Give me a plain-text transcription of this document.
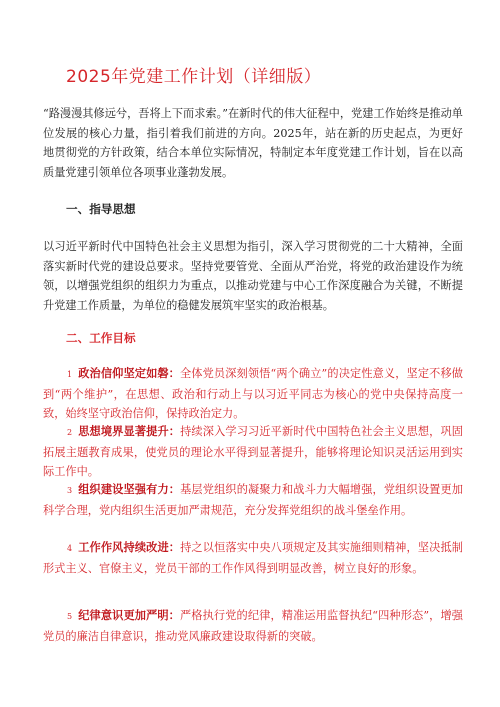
2025年党建工作计划（详细版）

“路漫漫其修远兮，吾将上下而求索。”在新时代的伟大征程中，党建工作始终是推动单位发展的核心力量，指引着我们前进的方向。2025年，站在新的历史起点，为更好地贯彻党的方针政策，结合本单位实际情况，特制定本年度党建工作计划，旨在以高质量党建引领单位各项事业蓬勃发展。

一、指导思想

以习近平新时代中国特色社会主义思想为指引，深入学习贯彻党的二十大精神，全面落实新时代党的建设总要求。坚持党要管党、全面从严治党，将党的政治建设作为统领，以增强党组织的组织力为重点，以推动党建与中心工作深度融合为关键，不断提升党建工作质量，为单位的稳健发展筑牢坚实的政治根基。

二、工作目标

1 政治信仰坚定如磐：全体党员深刻领悟“两个确立”的决定性意义，坚定不移做到“两个维护”，在思想、政治和行动上与以习近平同志为核心的党中央保持高度一致，始终坚守政治信仰，保持政治定力。

2 思想境界显著提升：持续深入学习习近平新时代中国特色社会主义思想，巩固拓展主题教育成果，使党员的理论水平得到显著提升，能够将理论知识灵活运用到实际工作中。

3 组织建设坚强有力：基层党组织的凝聚力和战斗力大幅增强，党组织设置更加科学合理，党内组织生活更加严肃规范，充分发挥党组织的战斗堡垒作用。

4 工作作风持续改进：持之以恒落实中央八项规定及其实施细则精神，坚决抵制形式主义、官僚主义，党员干部的工作作风得到明显改善，树立良好的形象。

5 纪律意识更加严明：严格执行党的纪律，精准运用监督执纪“四种形态”，增强党员的廉洁自律意识，推动党风廉政建设取得新的突破。
